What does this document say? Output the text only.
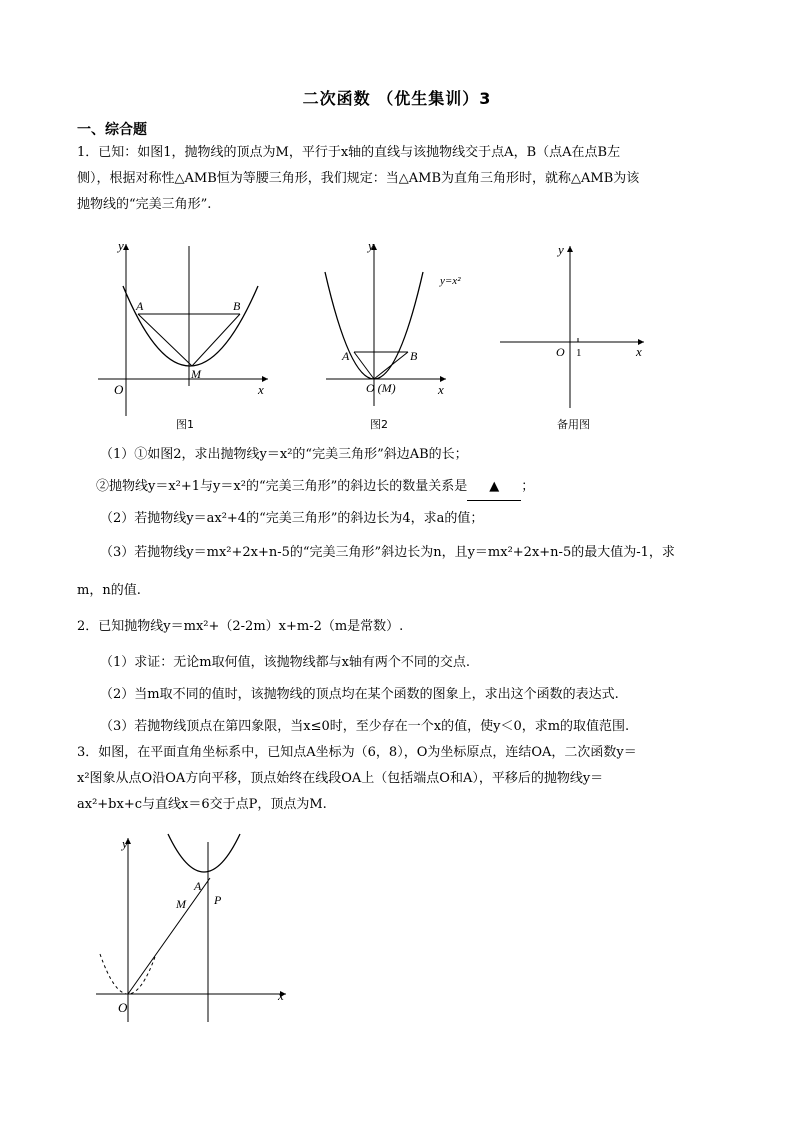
二次函数 （优生集训）3
一、综合题
1．已知：如图1，抛物线的顶点为M，平行于x轴的直线与该抛物线交于点A，B（点A在点B左
侧），根据对称性△AMB恒为等腰三角形，我们规定：当△AMB为直角三角形时，就称△AMB为该
抛物线的“完美三角形”.
y
x
O
A	B
M
图1
y
x
y=x²
A	B
O (M)
图2
y
x
O 1
备用图
（1）①如图2，求出抛物线y＝x²的“完美三角形”斜边AB的长；
②抛物线y＝x²+1与y＝x²的“完美三角形”的斜边长的数量关系是 ▲ ；
（2）若抛物线y＝ax²+4的“完美三角形”的斜边长为4，求a的值；
（3）若抛物线y＝mx²+2x+n-5的“完美三角形”斜边长为n，且y＝mx²+2x+n-5的最大值为-1，求
m，n的值.
2．已知抛物线y＝mx²+（2-2m）x+m-2（m是常数）.
（1）求证：无论m取何值，该抛物线都与x轴有两个不同的交点.
（2）当m取不同的值时，该抛物线的顶点均在某个函数的图象上，求出这个函数的表达式.
（3）若抛物线顶点在第四象限，当x≤0时，至少存在一个x的值，使y＜0，求m的取值范围.
3．如图，在平面直角坐标系中，已知点A坐标为（6，8），O为坐标原点，连结OA，二次函数y＝
x²图象从点O沿OA方向平移，顶点始终在线段OA上（包括端点O和A），平移后的抛物线y＝
ax²+bx+c与直线x＝6交于点P，顶点为M.
y
x
O
A
M P
